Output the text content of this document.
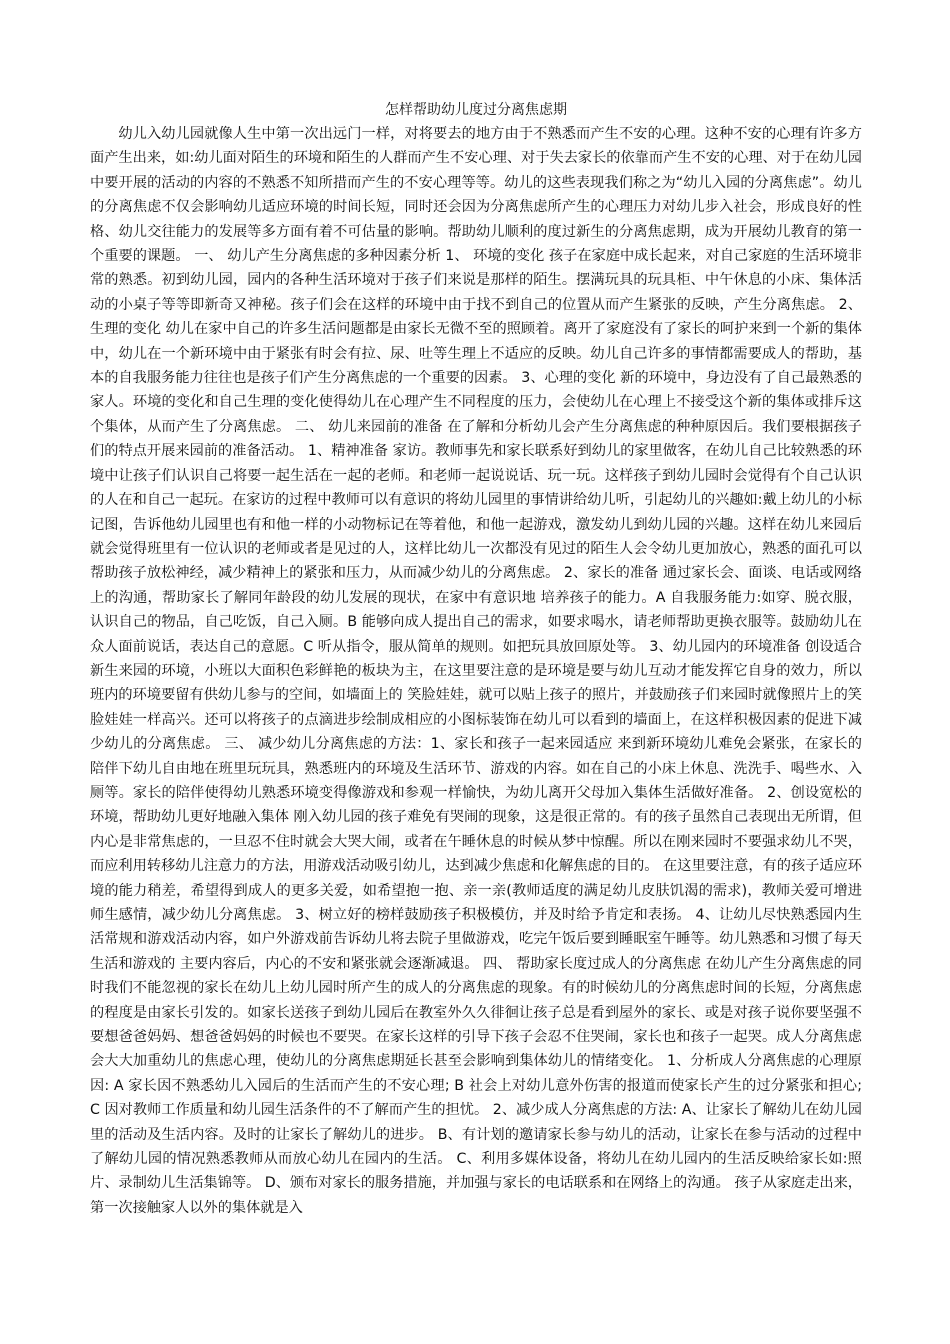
怎样帮助幼儿度过分离焦虑期

幼儿入幼儿园就像人生中第一次出远门一样，对将要去的地方由于不熟悉而产生不安的心理。这种不安的心理有许多方面产生出来，如:幼儿面对陌生的环境和陌生的人群而产生不安心理、对于失去家长的依靠而产生不安的心理、对于在幼儿园中要开展的活动的内容的不熟悉不知所措而产生的不安心理等等。幼儿的这些表现我们称之为“幼儿入园的分离焦虑”。幼儿的分离焦虑不仅会影响幼儿适应环境的时间长短，同时还会因为分离焦虑所产生的心理压力对幼儿步入社会，形成良好的性格、幼儿交往能力的发展等多方面有着不可估量的影响。帮助幼儿顺利的度过新生的分离焦虑期，成为开展幼儿教育的第一个重要的课题。 一、 幼儿产生分离焦虑的多种因素分析 1、 环境的变化 孩子在家庭中成长起来，对自己家庭的生活环境非常的熟悉。初到幼儿园，园内的各种生活环境对于孩子们来说是那样的陌生。摆满玩具的玩具柜、中午休息的小床、集体活动的小桌子等等即新奇又神秘。孩子们会在这样的环境中由于找不到自己的位置从而产生紧张的反映，产生分离焦虑。 2、 生理的变化 幼儿在家中自己的许多生活问题都是由家长无微不至的照顾着。离开了家庭没有了家长的呵护来到一个新的集体中，幼儿在一个新环境中由于紧张有时会有拉、尿、吐等生理上不适应的反映。幼儿自己许多的事情都需要成人的帮助，基本的自我服务能力往往也是孩子们产生分离焦虑的一个重要的因素。 3、心理的变化 新的环境中，身边没有了自己最熟悉的家人。环境的变化和自己生理的变化使得幼儿在心理产生不同程度的压力，会使幼儿在心理上不接受这个新的集体或排斥这个集体，从而产生了分离焦虑。 二、 幼儿来园前的准备 在了解和分析幼儿会产生分离焦虑的种种原因后。我们要根据孩子们的特点开展来园前的准备活动。 1、精神准备 家访。教师事先和家长联系好到幼儿的家里做客，在幼儿自己比较熟悉的环境中让孩子们认识自己将要一起生活在一起的老师。和老师一起说说话、玩一玩。这样孩子到幼儿园时会觉得有个自己认识的人在和自己一起玩。在家访的过程中教师可以有意识的将幼儿园里的事情讲给幼儿听，引起幼儿的兴趣如:戴上幼儿的小标记图，告诉他幼儿园里也有和他一样的小动物标记在等着他，和他一起游戏，激发幼儿到幼儿园的兴趣。这样在幼儿来园后就会觉得班里有一位认识的老师或者是见过的人，这样比幼儿一次都没有见过的陌生人会令幼儿更加放心，熟悉的面孔可以帮助孩子放松神经，减少精神上的紧张和压力，从而减少幼儿的分离焦虑。 2、家长的准备 通过家长会、面谈、电话或网络上的沟通，帮助家长了解同年龄段的幼儿发展的现状，在家中有意识地 培养孩子的能力。A 自我服务能力:如穿、脱衣服，认识自己的物品，自己吃饭，自己入厕。B 能够向成人提出自己的需求，如要求喝水，请老师帮助更换衣服等。鼓励幼儿在众人面前说话，表达自己的意愿。C 听从指令，服从简单的规则。如把玩具放回原处等。 3、幼儿园内的环境准备 创设适合新生来园的环境，小班以大面积色彩鲜艳的板块为主，在这里要注意的是环境是要与幼儿互动才能发挥它自身的效力，所以班内的环境要留有供幼儿参与的空间，如墙面上的 笑脸娃娃，就可以贴上孩子的照片，并鼓励孩子们来园时就像照片上的笑脸娃娃一样高兴。还可以将孩子的点滴进步绘制成相应的小图标装饰在幼儿可以看到的墙面上，在这样积极因素的促进下减少幼儿的分离焦虑。 三、 减少幼儿分离焦虑的方法：1、家长和孩子一起来园适应 来到新环境幼儿难免会紧张，在家长的陪伴下幼儿自由地在班里玩玩具，熟悉班内的环境及生活环节、游戏的内容。如在自己的小床上休息、洗洗手、喝些水、入厕等。家长的陪伴使得幼儿熟悉环境变得像游戏和参观一样愉快，为幼儿离开父母加入集体生活做好准备。 2、创设宽松的环境，帮助幼儿更好地融入集体 刚入幼儿园的孩子难免有哭闹的现象，这是很正常的。有的孩子虽然自己表现出无所谓，但内心是非常焦虑的，一旦忍不住时就会大哭大闹，或者在午睡休息的时候从梦中惊醒。所以在刚来园时不要强求幼儿不哭，而应利用转移幼儿注意力的方法，用游戏活动吸引幼儿，达到减少焦虑和化解焦虑的目的。 在这里要注意，有的孩子适应环境的能力稍差，希望得到成人的更多关爱，如希望抱一抱、亲一亲(教师适度的满足幼儿皮肤饥渴的需求)，教师关爱可增进师生感情，减少幼儿分离焦虑。 3、树立好的榜样鼓励孩子积极模仿，并及时给予肯定和表扬。 4、让幼儿尽快熟悉园内生活常规和游戏活动内容，如户外游戏前告诉幼儿将去院子里做游戏，吃完午饭后要到睡眠室午睡等。幼儿熟悉和习惯了每天生活和游戏的 主要内容后，内心的不安和紧张就会逐渐减退。 四、 帮助家长度过成人的分离焦虑 在幼儿产生分离焦虑的同时我们不能忽视的家长在幼儿上幼儿园时所产生的成人的分离焦虑的现象。有的时候幼儿的分离焦虑时间的长短，分离焦虑的程度是由家长引发的。如家长送孩子到幼儿园后在教室外久久徘徊让孩子总是看到屋外的家长、或是对孩子说你要坚强不要想爸爸妈妈、想爸爸妈妈的时候也不要哭。在家长这样的引导下孩子会忍不住哭闹，家长也和孩子一起哭。成人分离焦虑会大大加重幼儿的焦虑心理，使幼儿的分离焦虑期延长甚至会影响到集体幼儿的情绪变化。 1、分析成人分离焦虑的心理原因: A 家长因不熟悉幼儿入园后的生活而产生的不安心理; B 社会上对幼儿意外伤害的报道而使家长产生的过分紧张和担心; C 因对教师工作质量和幼儿园生活条件的不了解而产生的担忧。 2、减少成人分离焦虑的方法: A、让家长了解幼儿在幼儿园里的活动及生活内容。及时的让家长了解幼儿的进步。 B、有计划的邀请家长参与幼儿的活动，让家长在参与活动的过程中了解幼儿园的情况熟悉教师从而放心幼儿在园内的生活。 C、利用多媒体设备，将幼儿在幼儿园内的生活反映给家长如:照片、录制幼儿生活集锦等。 D、颁布对家长的服务措施，并加强与家长的电话联系和在网络上的沟通。 孩子从家庭走出来，第一次接触家人以外的集体就是入
